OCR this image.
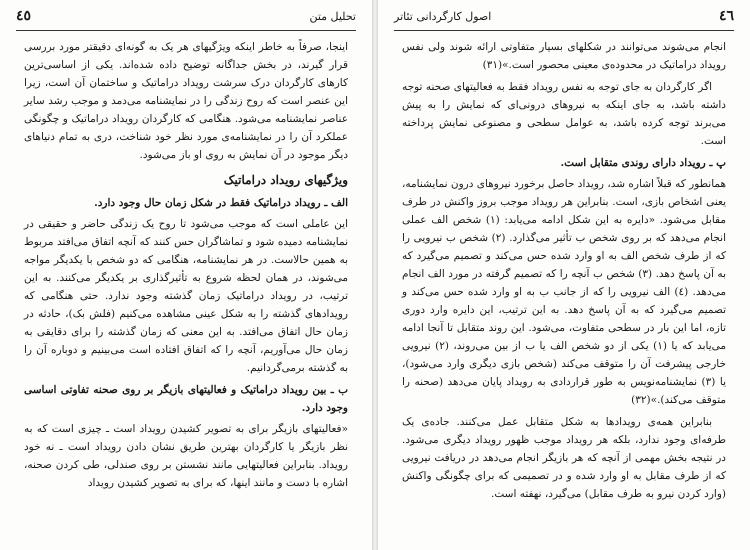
٤٥	تحلیل متن

اینجا، صرفاً به خاطر اینکه ویژگیهای هر یک به گونه‌ای دقیقتر مورد بررسی قرار گیرند، در بخش جداگانه توضیح داده شده‌اند. یکی از اساسی‌ترین کارهای کارگردان درک سرشت رویداد دراماتیک و ساختمان آن است، زیرا این عنصر است که روح زندگی را در نمایشنامه می‌دمد و موجب رشد سایر عناصر نمایشنامه می‌شود. هنگامی که کارگردان رویداد دراماتیک و چگونگی عملکرد آن را در نمایشنامه‌ی مورد نظر خود شناخت، دری به تمام دنیاهای دیگر موجود در آن نمایش به روی او باز می‌شود.

ویژگیهای رویداد دراماتیک
الف ـ رویداد دراماتیک فقط در شکل زمان حال وجود دارد.

این عاملی است که موجب می‌شود تا روح یک زندگی حاضر و حقیقی در نمایشنامه دمیده شود و تماشاگران حس کنند که آنچه اتفاق می‌افتد مربوط به همین حالاست. در هر نمایشنامه، هنگامی که دو شخص با یکدیگر مواجه می‌شوند، در همان لحظه شروع به تأثیرگذاری بر یکدیگر می‌کنند. به این ترتیب، در رویداد دراماتیک زمان گذشته وجود ندارد. حتی هنگامی که رویدادهای گذشته را به شکل عینی مشاهده می‌کنیم (فلش بک)، حادثه در زمان حال اتفاق می‌افتد. به این معنی که زمان گذشته را برای دقایقی به زمان حال می‌آوریم، آنچه را که اتفاق افتاده است می‌بینیم و دوباره آن را به گذشته برمی‌گردانیم.

ب ـ بین رویداد دراماتیک و فعالیتهای بازیگر بر روی صحنه تفاوتی اساسی وجود دارد.

«فعالیتهای بازیگر برای به تصویر کشیدن رویداد است ـ چیزی است که به نظر بازیگر یا کارگردان بهترین طریق نشان دادن رویداد است ـ نه خود رویداد. بنابراین فعالیتهایی مانند نشستن بر روی صندلی، طی کردن صحنه، اشاره با دست و مانند اینها، که برای به تصویر کشیدن رویداد

٤٦
اصول کارگردانی تئاتر

انجام می‌شوند می‌توانند در شکلهای بسیار متفاوتی ارائه شوند ولی نفس رویداد دراماتیک در محدوده‌ی معینی محصور است.»(٣١)

اگر کارگردان به جای توجه به نفس رویداد فقط به فعالیتهای صحنه توجه داشته باشد، به جای اینکه به نیروهای درونی‌ای که نمایش را به پیش می‌برند توجه کرده باشد، به عوامل سطحی و مصنوعی نمایش پرداخته است.

پ ـ رویداد دارای روندی متقابل است.

همانطور که قبلاً اشاره شد، رویداد حاصل برخورد نیروهای درون نمایشنامه، یعنی اشخاص بازی، است. بنابراین هر رویداد موجب بروز واکنش در طرف مقابل می‌شود. «دایره به این شکل ادامه می‌یابد: (١) شخص الف عملی انجام می‌دهد که بر روی شخص ب تأثیر می‌گذارد. (٢) شخص ب نیرویی را که از طرف شخص الف به او وارد شده حس می‌کند و تصمیم می‌گیرد که به آن پاسخ دهد. (٣) شخص ب آنچه را که تصمیم گرفته در مورد الف انجام می‌دهد. (٤) الف نیرویی را که از جانب ب به او وارد شده حس می‌کند و تصمیم می‌گیرد که به آن پاسخ دهد. به این ترتیب، این دایره وارد دوری تازه، اما این بار در سطحی متفاوت، می‌شود. این روند متقابل تا آنجا ادامه می‌یابد که یا (١) یکی از دو شخص الف یا ب از بین می‌روند، (٢) نیرویی خارجی پیشرفت آن را متوقف می‌کند (شخص بازی دیگری وارد می‌شود)، یا (٣) نمایشنامه‌نویس به طور قراردادی به رویداد پایان می‌دهد (صحنه را متوقف می‌کند).»(٣٢)

بنابراین همه‌ی رویدادها به شکل متقابل عمل می‌کنند. جاده‌ی یک طرفه‌ای وجود ندارد، بلکه هر رویداد موجب ظهور رویداد دیگری می‌شود. در نتیجه بخش مهمی از آنچه که هر بازیگر انجام می‌دهد در دریافت نیرویی که از طرف مقابل به او وارد شده و در تصمیمی که برای چگونگی واکنش (وارد کردن نیرو به طرف مقابل) می‌گیرد، نهفته است.
